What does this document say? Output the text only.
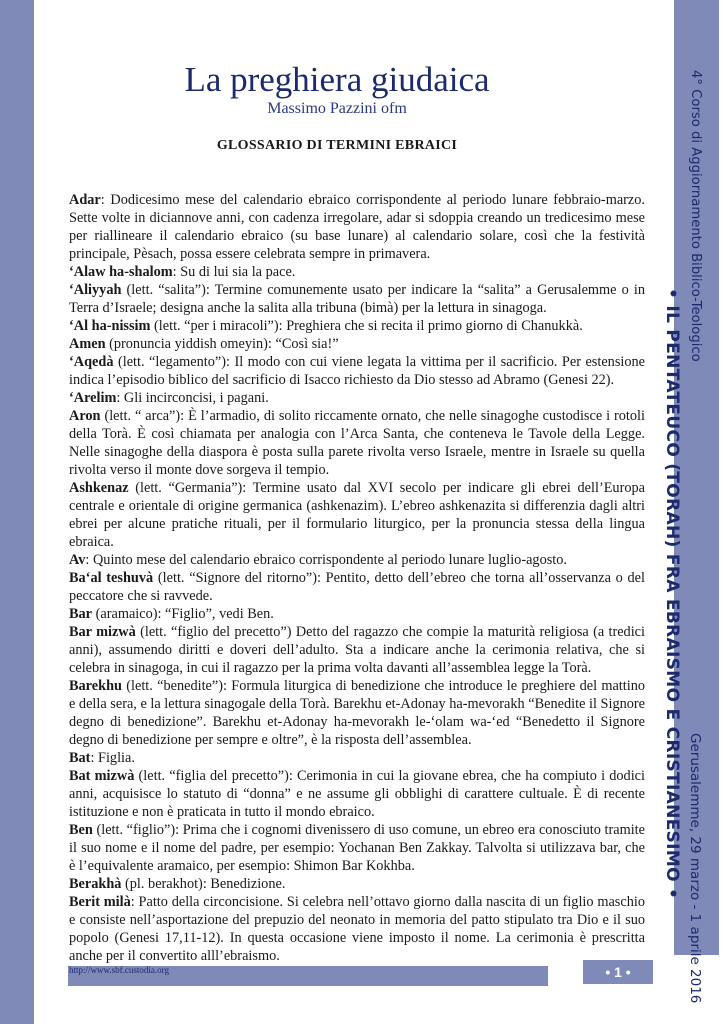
4° Corso di Aggiornamento Biblico-Teologico
• IL PENTATEUCO (TORAH) FRA EBRAISMO E CRISTIANESIMO • Gerusalemme, 29 marzo - 1 aprile 2016
La preghiera giudaica
Massimo Pazzini ofm
GLOSSARIO DI TERMINI EBRAICI

Adar: Dodicesimo mese del calendario ebraico corrispondente al periodo lunare febbraio-marzo. Sette volte in diciannove anni, con cadenza irregolare, adar si sdoppia creando un tredicesimo mese per riallineare il calendario ebraico (su base lunare) al calendario solare, così che la festività principale, Pèsach, possa essere celebrata sempre in primavera.

‘Alaw ha-shalom: Su di lui sia la pace.

‘Aliyyah (lett. “salita”): Termine comunemente usato per indicare la “salita” a Gerusalemme o in Terra d’Israele; designa anche la salita alla tribuna (bimà) per la lettura in sinagoga.

‘Al ha-nissim (lett. “per i miracoli”): Preghiera che si recita il primo giorno di Chanukkà.

Amen (pronuncia yiddish omeyin): “Così sia!”

‘Aqedà (lett. “legamento”): Il modo con cui viene legata la vittima per il sacrificio. Per estensione indica l’episodio biblico del sacrificio di Isacco richiesto da Dio stesso ad Abramo (Genesi 22).

‘Arelim: Gli incirconcisi, i pagani.

Aron (lett. “ arca”): È l’armadio, di solito riccamente ornato, che nelle sinagoghe custodisce i rotoli della Torà. È così chiamata per analogia con l’Arca Santa, che conteneva le Tavole della Legge. Nelle sinagoghe della diaspora è posta sulla parete rivolta verso Israele, mentre in Israele su quella rivolta verso il monte dove sorgeva il tempio.

Ashkenaz (lett. “Germania”): Termine usato dal XVI secolo per indicare gli ebrei dell’Europa centrale e orientale di origine germanica (ashkenazim). L’ebreo ashkenazita si differenzia dagli altri ebrei per alcune pratiche rituali, per il formulario liturgico, per la pronuncia stessa della lingua ebraica.

Av: Quinto mese del calendario ebraico corrispondente al periodo lunare luglio-agosto.

Ba‘al teshuvà (lett. “Signore del ritorno”): Pentito, detto dell’ebreo che torna all’osservanza o del peccatore che si ravvede.

Bar (aramaico): “Figlio”, vedi Ben.

Bar mizwà (lett. “figlio del precetto”) Detto del ragazzo che compie la maturità religiosa (a tredici anni), assumendo diritti e doveri dell’adulto. Sta a indicare anche la cerimonia relativa, che si celebra in sinagoga, in cui il ragazzo per la prima volta davanti all’assemblea legge la Torà.

Barekhu (lett. “benedite”): Formula liturgica di benedizione che introduce le preghiere del mattino e della sera, e la lettura sinagogale della Torà. Barekhu et-Adonay ha-mevorakh “Benedite il Signore degno di benedizione”. Barekhu et-Adonay ha-mevorakh le-‘olam wa-‘ed “Benedetto il Signore degno di benedizione per sempre e oltre”, è la risposta dell’assemblea.

Bat: Figlia.

Bat mizwà (lett. “figlia del precetto”): Cerimonia in cui la giovane ebrea, che ha compiuto i dodici anni, acquisisce lo statuto di “donna” e ne assume gli obblighi di carattere cultuale. È di recente istituzione e non è praticata in tutto il mondo ebraico.

Ben (lett. “figlio”): Prima che i cognomi divenissero di uso comune, un ebreo era conosciuto tramite il suo nome e il nome del padre, per esempio: Yochanan Ben Zakkay. Talvolta si utilizzava bar, che è l’equivalente aramaico, per esempio: Shimon Bar Kokhba.

Berakhà (pl. berakhot): Benedizione.

Berit milà: Patto della circoncisione. Si celebra nell’ottavo giorno dalla nascita di un figlio maschio e consiste nell’asportazione del prepuzio del neonato in memoria del patto stipulato tra Dio e il suo popolo (Genesi 17,11-12). In questa occasione viene imposto il nome. La cerimonia è prescritta anche per il convertito alll’ebraismo.

http://www.sbf.custodia.org	• 1 •
